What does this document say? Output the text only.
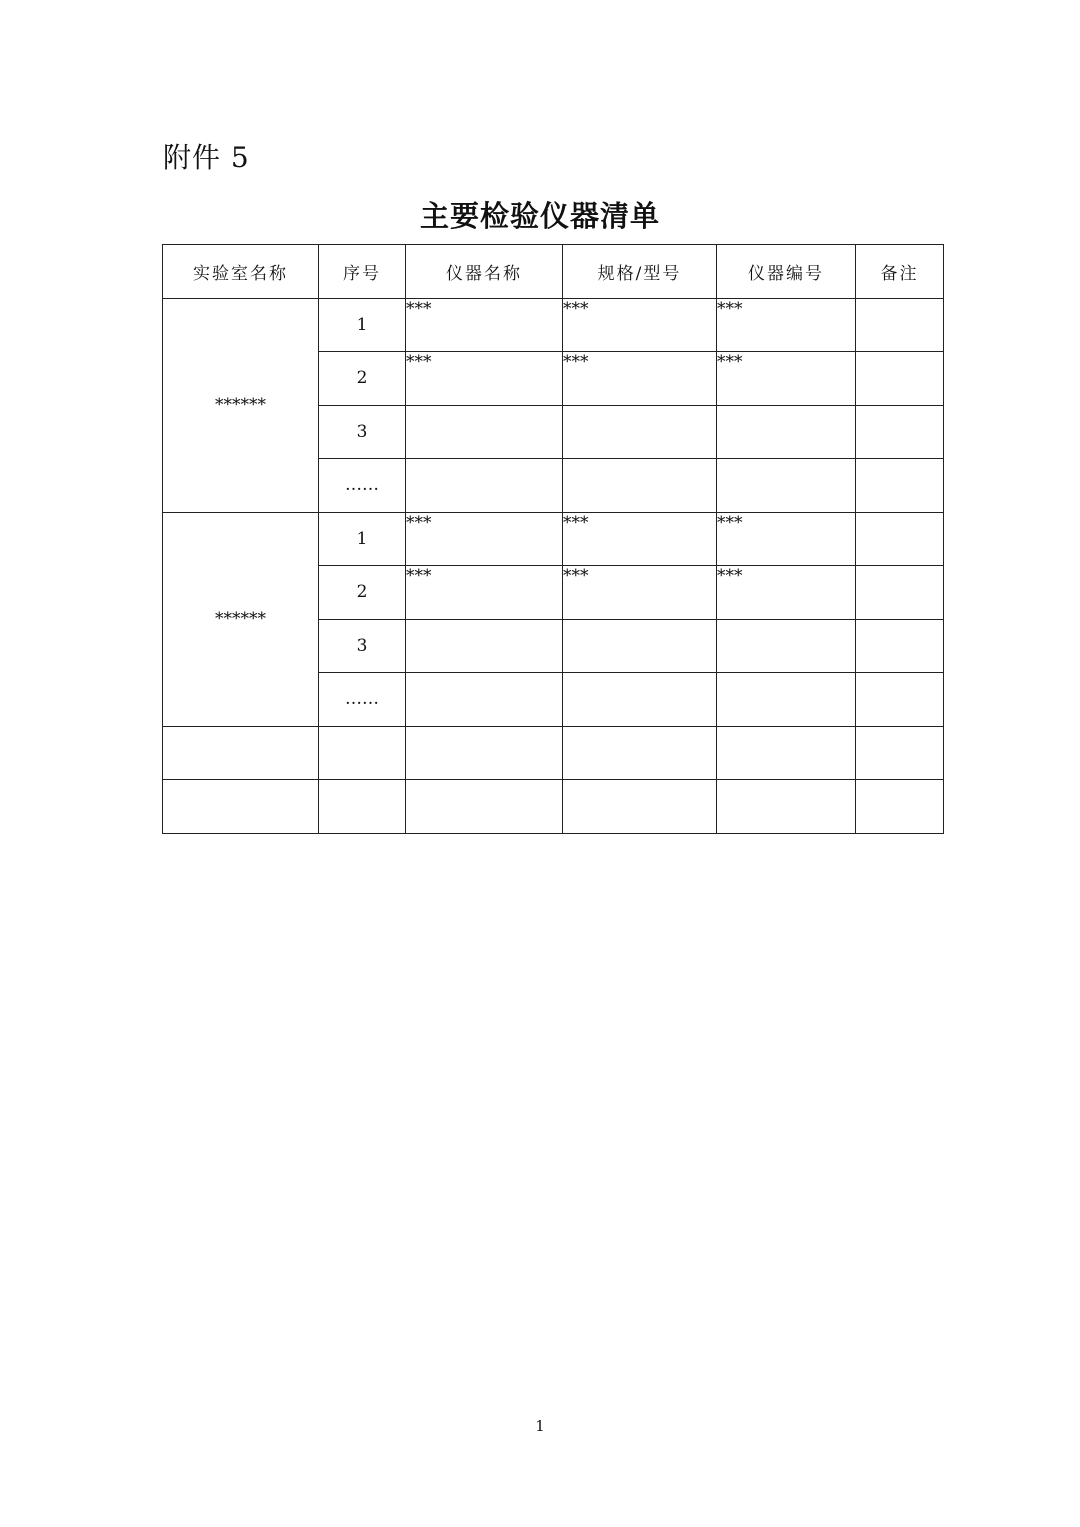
附件 5
主要检验仪器清单
实验室名称	序号	仪器名称	规格/型号	仪器编号	备注
******	1	***	***	***	
	2	***	***	***	
	3				
	……				
******	1	***	***	***	
	2	***	***	***	
	3				
	……				

1
